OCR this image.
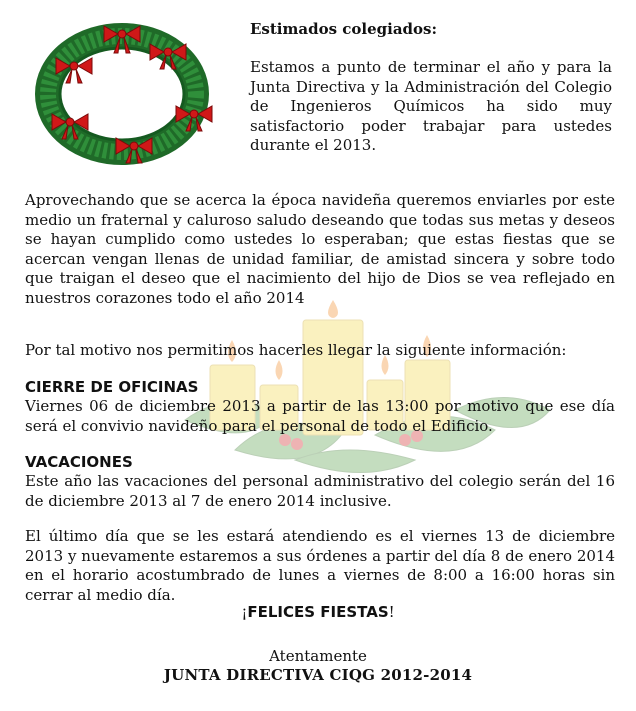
Estimados colegiados:
Estamos a punto de terminar el año y para la Junta Directiva y la Administración del Colegio de Ingenieros Químicos ha sido muy satisfactorio poder trabajar para ustedes durante el 2013.
Aprovechando que se acerca la época navideña queremos enviarles por este medio un fraternal y caluroso saludo deseando que todas sus metas y deseos se hayan cumplido como ustedes lo esperaban; que estas fiestas que se acercan vengan llenas de unidad familiar, de amistad sincera y sobre todo que traigan el deseo que el nacimiento del hijo de Dios se vea reflejado en nuestros corazones todo el año 2014
Por tal motivo nos permitimos hacerles llegar la siguiente información:
CIERRE DE OFICINAS
Viernes 06 de diciembre 2013 a partir de las 13:00 por motivo que ese día será el convivio navideño para el personal de todo el Edificio.
VACACIONES
Este año las vacaciones del personal administrativo del colegio serán del 16 de diciembre 2013 al 7 de enero 2014 inclusive.
El último día que se les estará atendiendo es el viernes 13 de diciembre 2013 y nuevamente estaremos a sus órdenes a partir del día 8 de enero 2014 en el horario acostumbrado de lunes a viernes de 8:00 a 16:00 horas sin cerrar al medio día.
¡FELICES FIESTAS!
Atentamente
JUNTA DIRECTIVA CIQG 2012-2014
